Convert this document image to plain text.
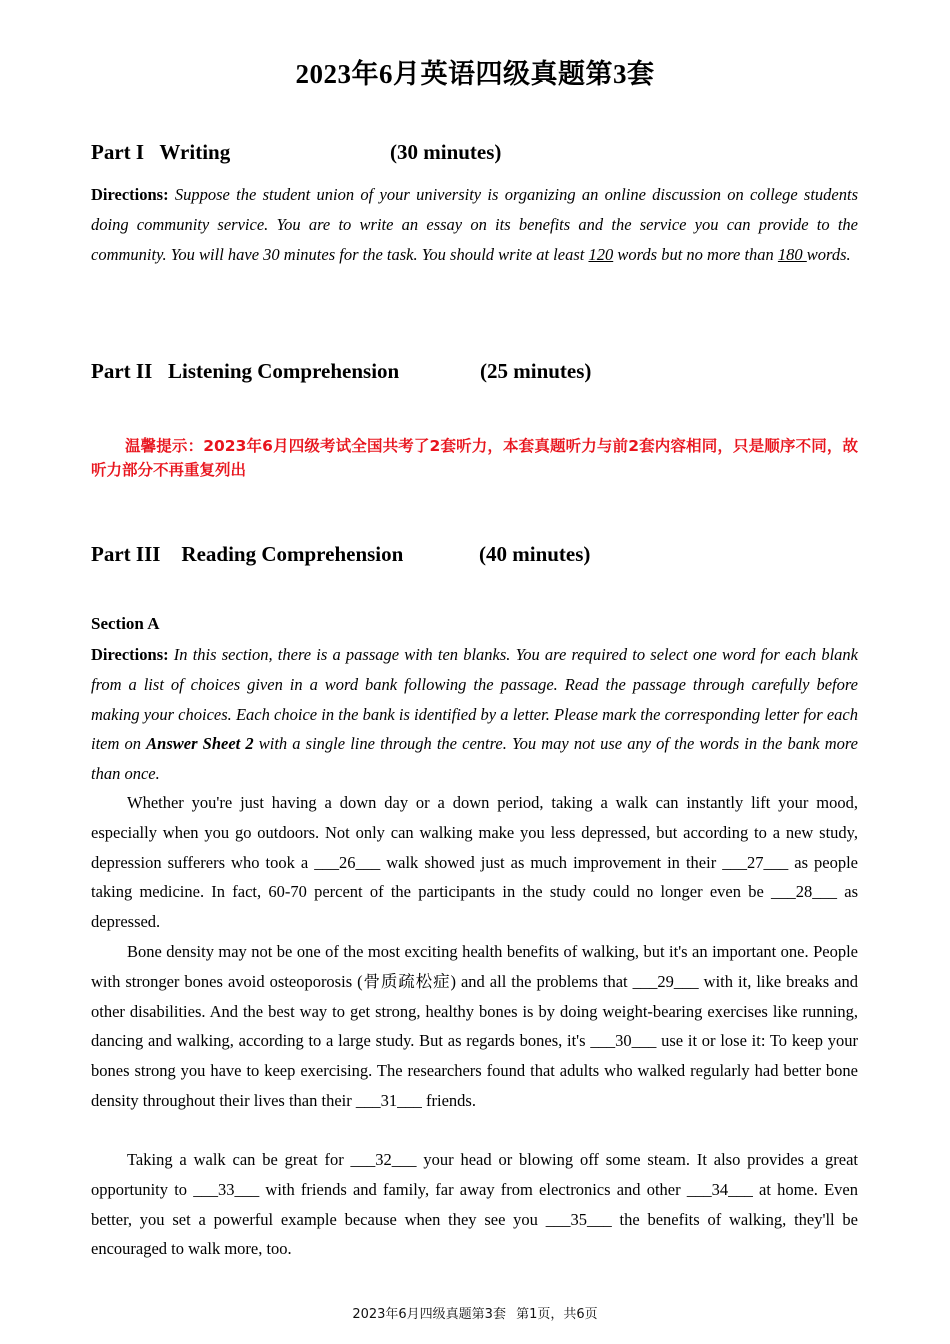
2023年6月英语四级真题第3套
Part I   Writing	(30 minutes)

Directions: Suppose the student union of your university is organizing an online discussion on college students doing community service. You are to write an essay on its benefits and the service you can provide to the community. You will have 30 minutes for the task. You should write at least 120 words but no more than 180 words.

Part II   Listening Comprehension	(25 minutes)

温馨提示：2023年6月四级考试全国共考了2套听力，本套真题听力与前2套内容相同，只是顺序不同，故听力部分不再重复列出

Part III    Reading Comprehension	(40 minutes)
Section A

Directions: In this section, there is a passage with ten blanks. You are required to select one word for each blank from a list of choices given in a word bank following the passage. Read the passage through carefully before making your choices. Each choice in the bank is identified by a letter. Please mark the corresponding letter for each item on Answer Sheet 2 with a single line through the centre. You may not use any of the words in the bank more than once.

Whether you're just having a down day or a down period, taking a walk can instantly lift your mood, especially when you go outdoors. Not only can walking make you less depressed, but according to a new study, depression sufferers who took a ___26___ walk showed just as much improvement in their ___27___ as people taking medicine. In fact, 60-70 percent of the participants in the study could no longer even be ___28___ as depressed.

Bone density may not be one of the most exciting health benefits of walking, but it's an important one. People with stronger bones avoid osteoporosis (骨质疏松症) and all the problems that ___29___ with it, like breaks and other disabilities. And the best way to get strong, healthy bones is by doing weight-bearing exercises like running, dancing and walking, according to a large study. But as regards bones, it's ___30___ use it or lose it: To keep your bones strong you have to keep exercising. The researchers found that adults who walked regularly had better bone density throughout their lives than their ___31___ friends.

Taking a walk can be great for ___32___ your head or blowing off some steam. It also provides a great opportunity to ___33___ with friends and family, far away from electronics and other ___34___ at home. Even better, you set a powerful example because when they see you ___35___ the benefits of walking, they'll be encouraged to walk more, too.

2023年6月四级真题第3套 第1页，共6页
